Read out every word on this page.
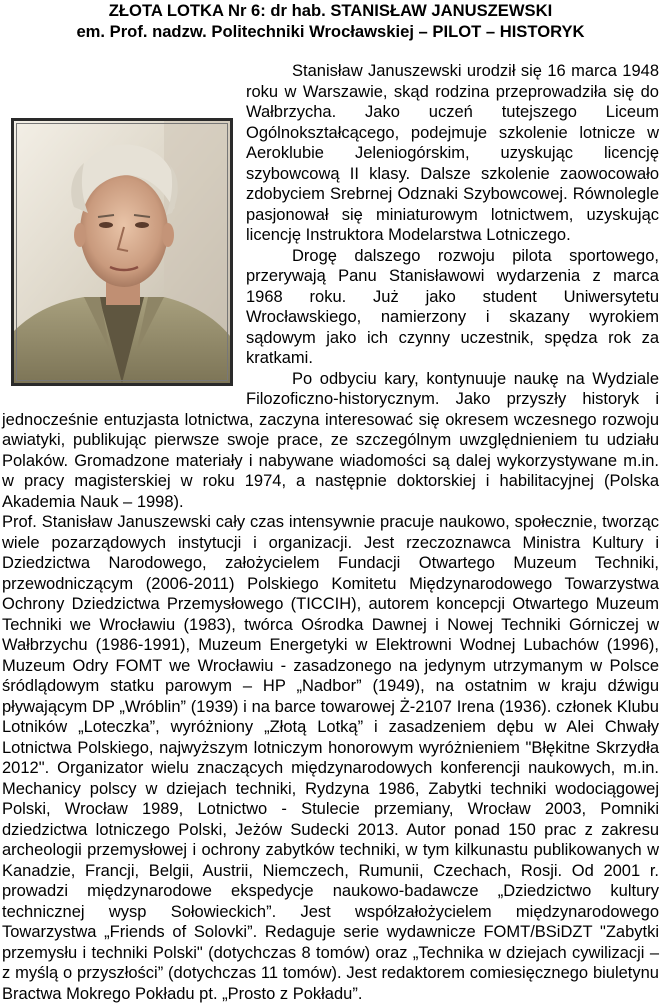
ZŁOTA LOTKA Nr 6: dr hab. STANISŁAW JANUSZEWSKI
em. Prof. nadzw. Politechniki Wrocławskiej – PILOT – HISTORYK

Stanisław Januszewski urodził się 16 marca 1948 roku w Warszawie, skąd rodzina przeprowadziła się do Wałbrzycha. Jako uczeń tutejszego Liceum Ogólnokształcącego, podejmuje szkolenie lotnicze w Aeroklubie Jeleniogórskim, uzyskując licencję szybowcową II klasy. Dalsze szkolenie zaowocowało zdobyciem Srebrnej Odznaki Szybowcowej. Równolegle pasjonował się miniaturowym lotnictwem, uzyskując licencję Instruktora Modelarstwa Lotniczego.

Drogę dalszego rozwoju pilota sportowego, przerywają Panu Stanisławowi wydarzenia z marca 1968 roku. Już jako student Uniwersytetu Wrocławskiego, namierzony i skazany wyrokiem sądowym jako ich czynny uczestnik, spędza rok za kratkami.

Po odbyciu kary, kontynuuje naukę na Wydziale Filozoficzno-historycznym. Jako przyszły historyk i jednocześnie entuzjasta lotnictwa, zaczyna interesować się okresem wczesnego rozwoju awiatyki, publikując pierwsze swoje prace, ze szczególnym uwzględnieniem tu udziału Polaków. Gromadzone materiały i nabywane wiadomości są dalej wykorzystywane m.in. w pracy magisterskiej w roku 1974, a następnie doktorskiej i habilitacyjnej (Polska Akademia Nauk – 1998).

Prof. Stanisław Januszewski cały czas intensywnie pracuje naukowo, społecznie, tworząc wiele pozarządowych instytucji i organizacji. Jest rzeczoznawca Ministra Kultury i Dziedzictwa Narodowego, założycielem Fundacji Otwartego Muzeum Techniki, przewodniczącym (2006-2011) Polskiego Komitetu Międzynarodowego Towarzystwa Ochrony Dziedzictwa Przemysłowego (TICCIH), autorem koncepcji Otwartego Muzeum Techniki we Wrocławiu (1983), twórca Ośrodka Dawnej i Nowej Techniki Górniczej w Wałbrzychu (1986-1991), Muzeum Energetyki w Elektrowni Wodnej Lubachów (1996), Muzeum Odry FOMT we Wrocławiu - zasadzonego na jedynym utrzymanym w Polsce śródlądowym statku parowym – HP „Nadbor” (1949), na ostatnim w kraju dźwigu pływającym DP „Wróblin” (1939) i na barce towarowej Ż-2107 Irena (1936). członek Klubu Lotników „Loteczka”, wyróżniony „Złotą Lotką” i zasadzeniem dębu w Alei Chwały Lotnictwa Polskiego, najwyższym lotniczym honorowym wyróżnieniem "Błękitne Skrzydła 2012". Organizator wielu znaczących międzynarodowych konferencji naukowych, m.in. Mechanicy polscy w dziejach techniki, Rydzyna 1986, Zabytki techniki wodociągowej Polski, Wrocław 1989, Lotnictwo - Stulecie przemiany, Wrocław 2003, Pomniki dziedzictwa lotniczego Polski, Jeżów Sudecki 2013. Autor ponad 150 prac z zakresu archeologii przemysłowej i ochrony zabytków techniki, w tym kilkunastu publikowanych w Kanadzie, Francji, Belgii, Austrii, Niemczech, Rumunii, Czechach, Rosji. Od 2001 r. prowadzi międzynarodowe ekspedycje naukowo-badawcze „Dziedzictwo kultury technicznej wysp Sołowieckich”. Jest współzałożycielem międzynarodowego Towarzystwa „Friends of Solovki”. Redaguje serie wydawnicze FOMT/BSiDZT "Zabytki przemysłu i techniki Polski" (dotychczas 8 tomów) oraz „Technika w dziejach cywilizacji – z myślą o przyszłości” (dotychczas 11 tomów). Jest redaktorem comiesięcznego biuletynu Bractwa Mokrego Pokładu pt. „Prosto z Pokładu”.
